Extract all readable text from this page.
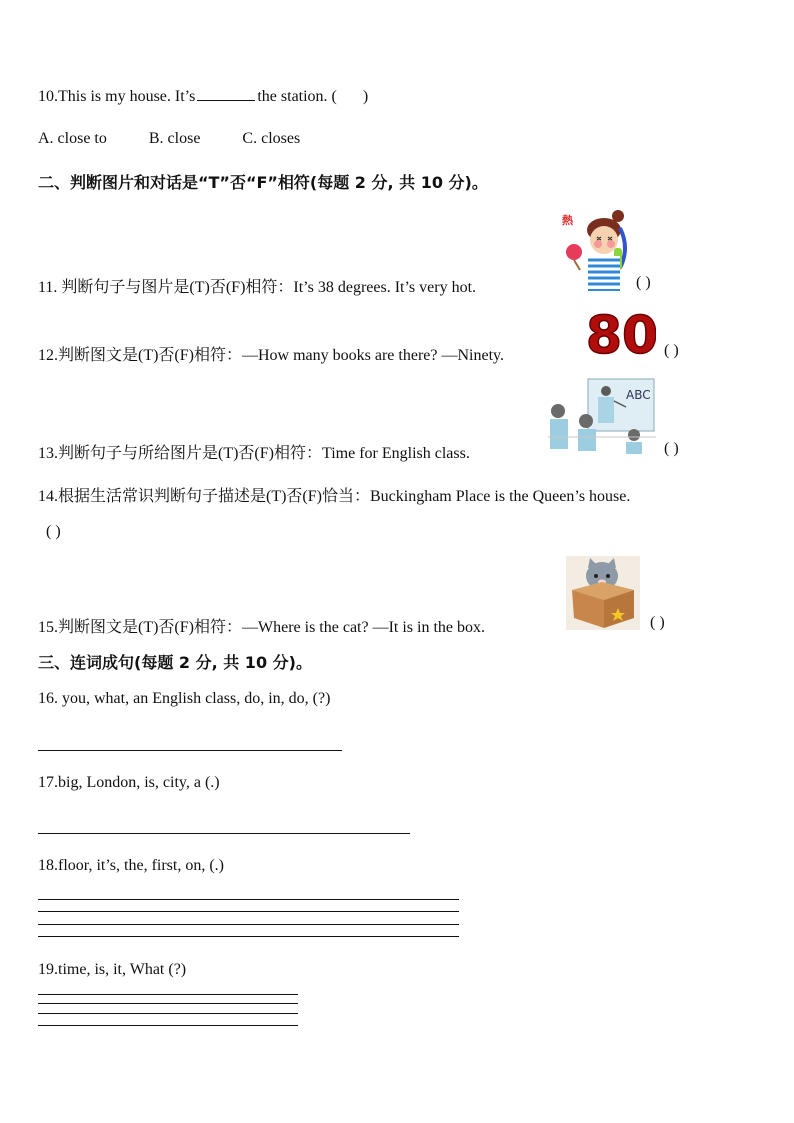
10.This is my house. It’s	the station. ( )
A. close to	B. close	C. closes
二、判断图片和对话是“T”否“F”相符(每题 2 分, 共 10 分)。
熱
11. 判断句子与图片是(T)否(F)相符：It’s 38 degrees. It’s very hot.	( )
80
12.判断图文是(T)否(F)相符：—How many books are there? —Ninety.	( )
ABC
13.判断句子与所给图片是(T)否(F)相符：Time for English class.	( )
14.根据生活常识判断句子描述是(T)否(F)恰当：Buckingham Place is the Queen’s house.
( )
15.判断图文是(T)否(F)相符：—Where is the cat? —It is in the box.	( )
三、连词成句(每题 2 分, 共 10 分)。
16. you, what, an English class, do, in, do, (?)
17.big, London, is, city, a (.)
18.floor, it’s, the, first, on, (.)
19.time, is, it, What (?)
